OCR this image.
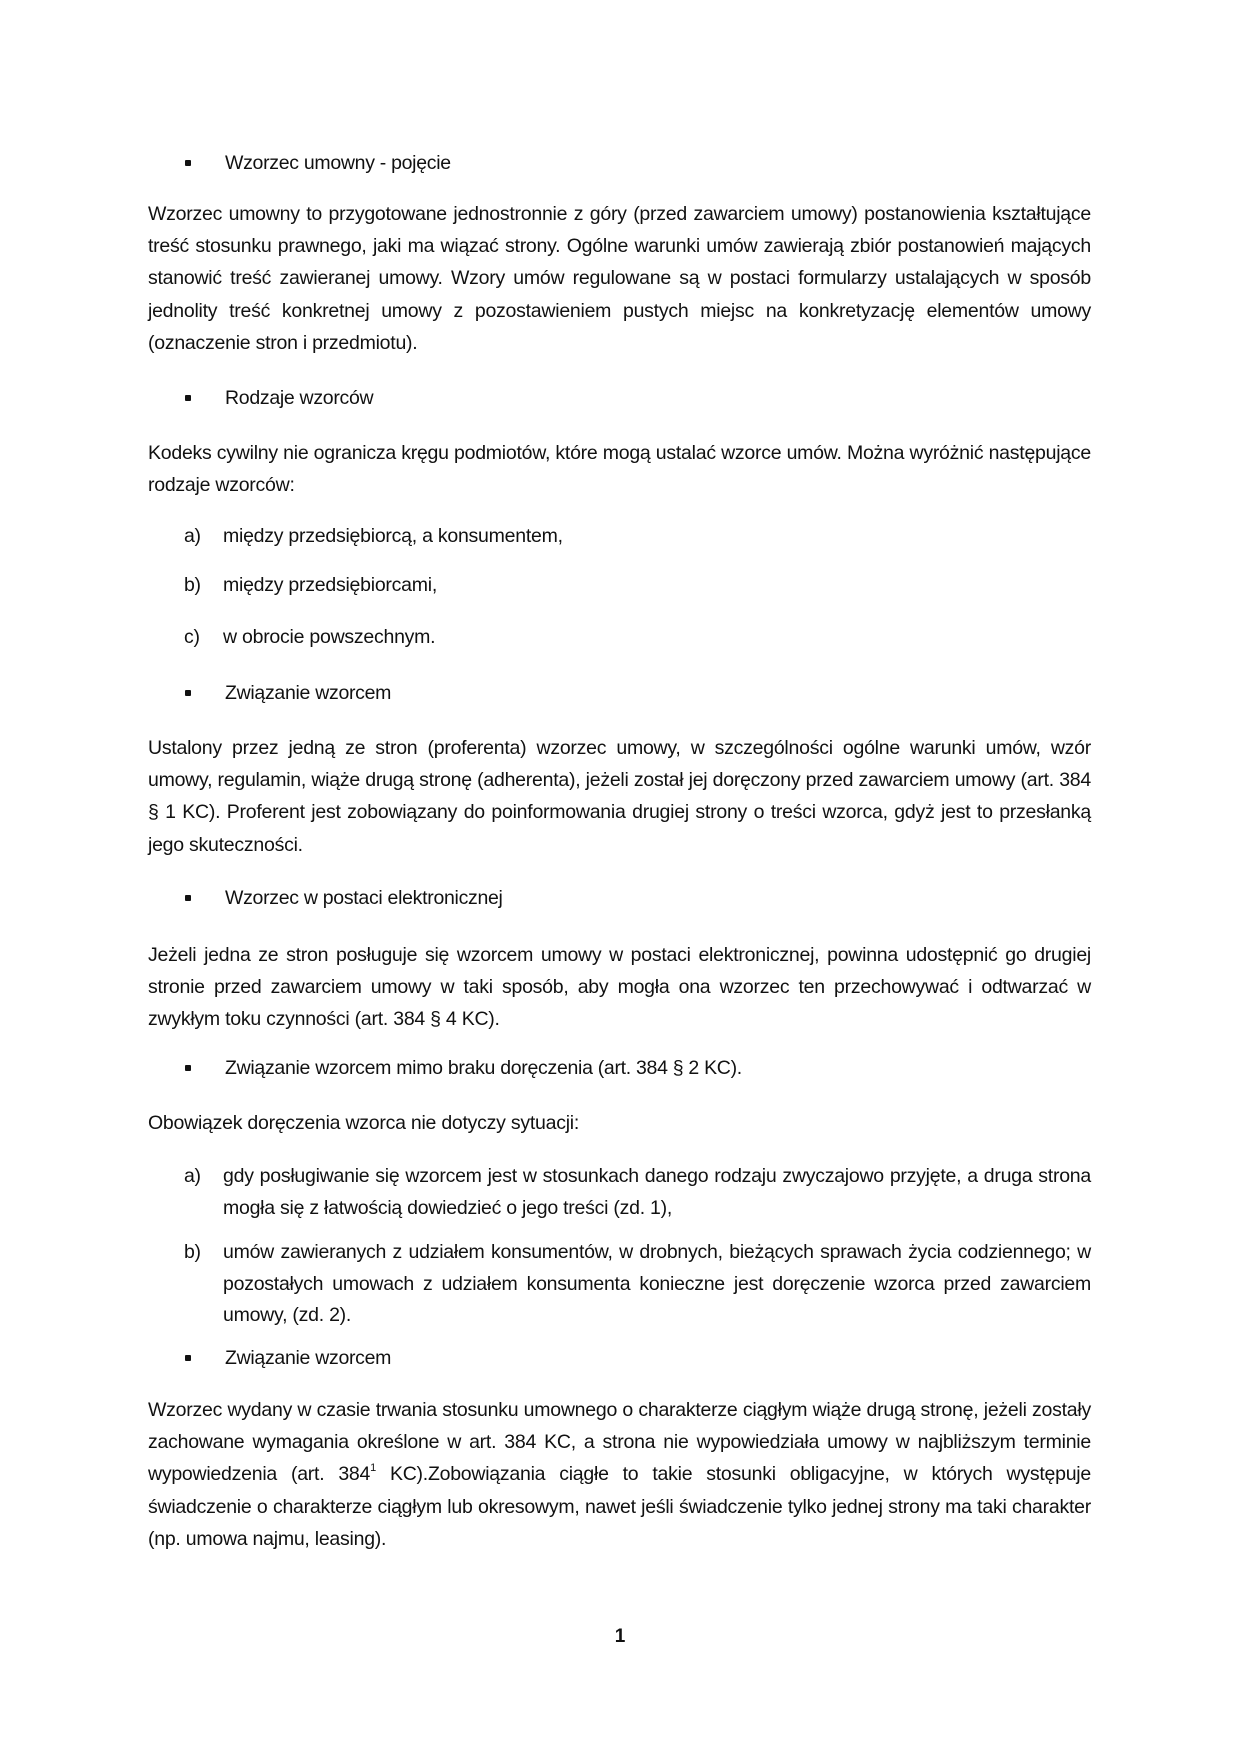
Wzorzec umowny - pojęcie

Wzorzec umowny to przygotowane jednostronnie z góry (przed zawarciem umowy) postanowienia kształtujące treść stosunku prawnego, jaki ma wiązać strony. Ogólne warunki umów zawierają zbiór postanowień mających stanowić treść zawieranej umowy. Wzory umów regulowane są w postaci formularzy ustalających w sposób jednolity treść konkretnej umowy z pozostawieniem pustych miejsc na konkretyzację elementów umowy (oznaczenie stron i przedmiotu).

Rodzaje wzorców

Kodeks cywilny nie ogranicza kręgu podmiotów, które mogą ustalać wzorce umów. Można wyróżnić następujące rodzaje wzorców:

a) między przedsiębiorcą, a konsumentem,
b) między przedsiębiorcami,
c) w obrocie powszechnym.
Związanie wzorcem

Ustalony przez jedną ze stron (proferenta) wzorzec umowy, w szczególności ogólne warunki umów, wzór umowy, regulamin, wiąże drugą stronę (adherenta), jeżeli został jej doręczony przed zawarciem umowy (art. 384 § 1 KC). Proferent jest zobowiązany do poinformowania drugiej strony o treści wzorca, gdyż jest to przesłanką jego skuteczności.

Wzorzec w postaci elektronicznej

Jeżeli jedna ze stron posługuje się wzorcem umowy w postaci elektronicznej, powinna udostępnić go drugiej stronie przed zawarciem umowy w taki sposób, aby mogła ona wzorzec ten przechowywać i odtwarzać w zwykłym toku czynności (art. 384 § 4 KC).

Związanie wzorcem mimo braku doręczenia (art. 384 § 2 KC).

Obowiązek doręczenia wzorca nie dotyczy sytuacji:

a) gdy posługiwanie się wzorcem jest w stosunkach danego rodzaju zwyczajowo przyjęte, a druga strona mogła się z łatwością dowiedzieć o jego treści (zd. 1),
b) umów zawieranych z udziałem konsumentów, w drobnych, bieżących sprawach życia codziennego; w pozostałych umowach z udziałem konsumenta konieczne jest doręczenie wzorca przed zawarciem umowy, (zd. 2).
Związanie wzorcem

Wzorzec wydany w czasie trwania stosunku umownego o charakterze ciągłym wiąże drugą stronę, jeżeli zostały zachowane wymagania określone w art. 384 KC, a strona nie wypowiedziała umowy w najbliższym terminie wypowiedzenia (art. $384^1$ KC).Zobowiązania ciągłe to takie stosunki obligacyjne, w których występuje świadczenie o charakterze ciągłym lub okresowym, nawet jeśli świadczenie tylko jednej strony ma taki charakter (np. umowa najmu, leasing).

1
